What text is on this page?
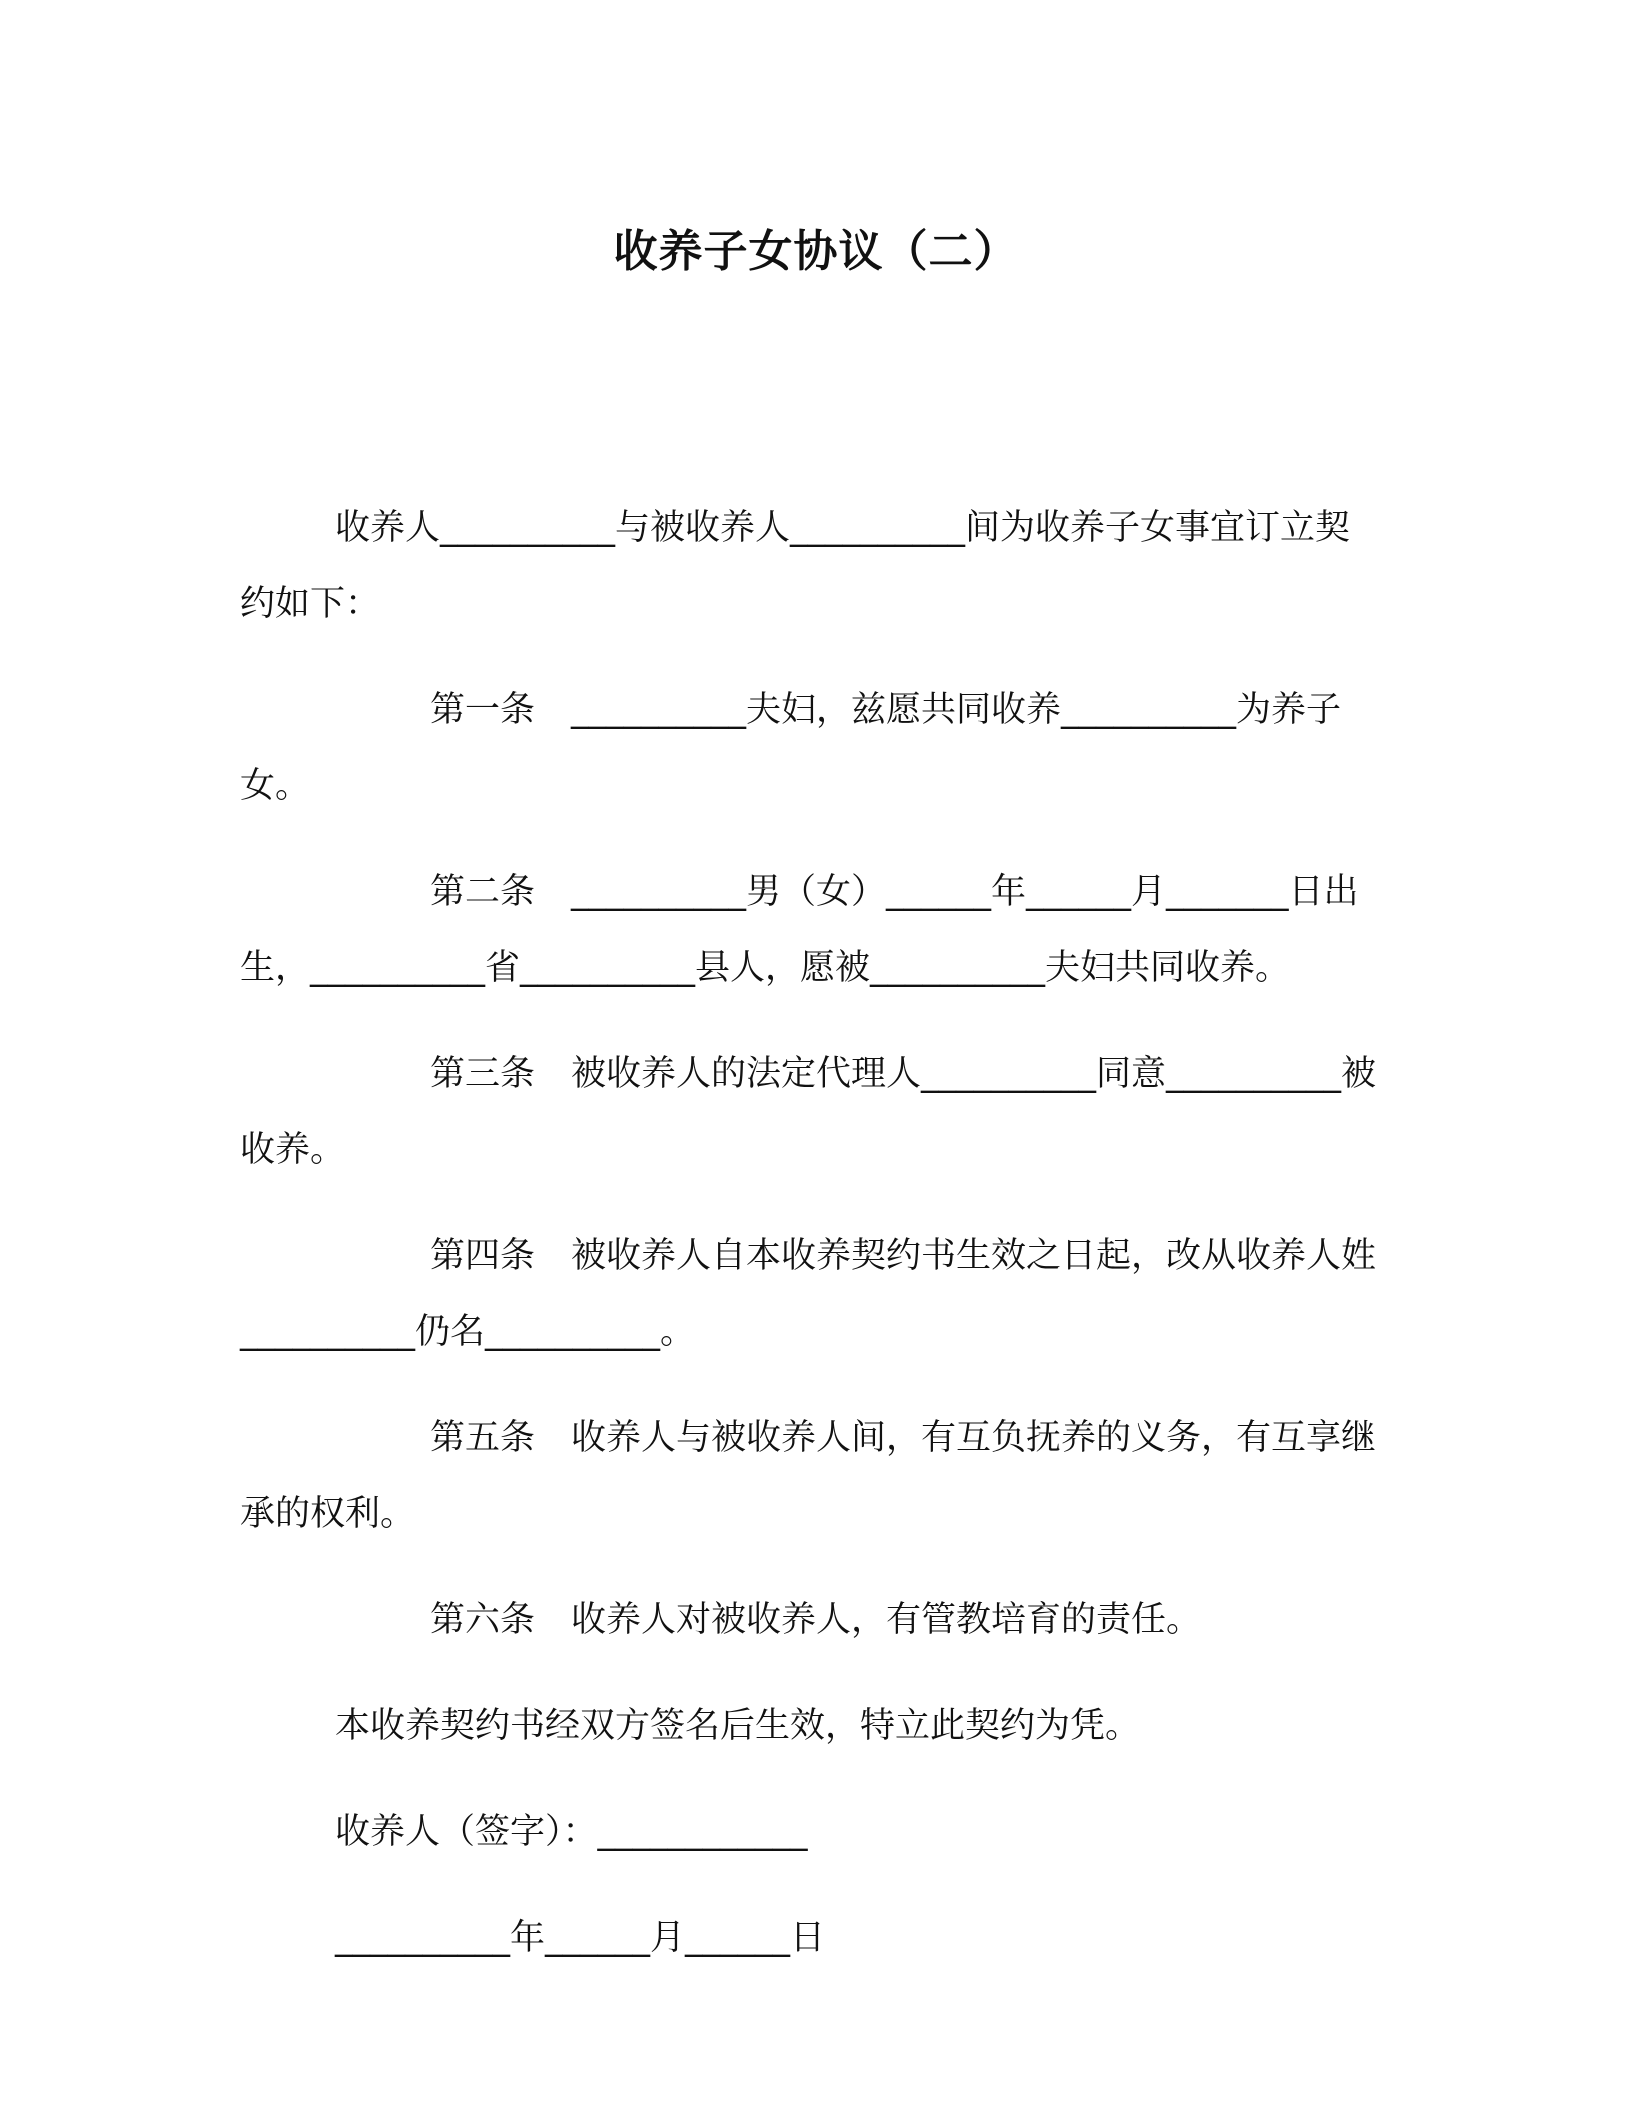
收养子女协议（二）

收养人__________与被收养人__________间为收养子女事宜订立契约如下：

第一条 __________夫妇，兹愿共同收养__________为养子女。

第二条 __________男（女）______年______月_______日出生，__________省__________县人，愿被__________夫妇共同收养。

第三条 被收养人的法定代理人__________同意__________被收养。

第四条 被收养人自本收养契约书生效之日起，改从收养人姓__________仍名__________。

第五条 收养人与被收养人间，有互负抚养的义务，有互享继承的权利。

第六条 收养人对被收养人，有管教培育的责任。

本收养契约书经双方签名后生效，特立此契约为凭。

收养人（签字）：____________

__________年______月______日
